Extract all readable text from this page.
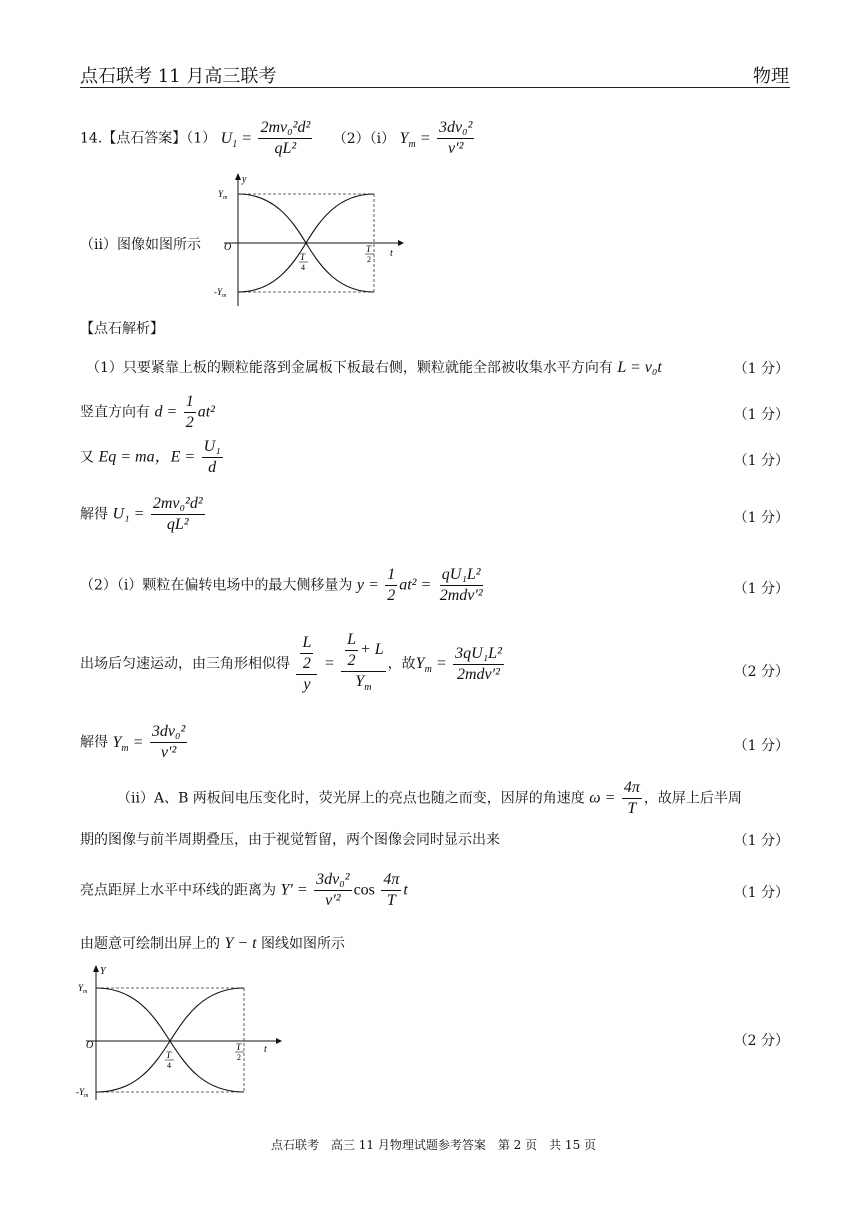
点石联考 11 月高三联考	物理
14.【点石答案】（1） $U_1 = \frac{\text{2mv₀²d²}}{\text{qL²}}$ （2）（ⅰ） $Y_m = \frac{\text{3dv₀²}}{\text{v′²}}$
（ⅱ）图像如图所示
y
t
O
$Y_m$
$-Y_m$
T
4
T
2
【点石解析】
（1）只要紧靠上板的颗粒能落到金属板下板最右侧，颗粒就能全部被收集水平方向有 L = v₀t	（1 分）
竖直方向有 $d = \frac{1}{2} at^2$	（1 分）
又 Eq = ma，$E = \frac{\text{U₁}}{d}$	（1 分）
解得 $U_1 = \frac{\text{2mv₀²d²}}{\text{qL²}}$	（1 分）
（2）（ⅰ）颗粒在偏转电场中的最大侧移量为 $y = \frac{1}{2} at^2 = \frac{\text{qU₁L²}}{\text{2mdv′²}}$	（1 分）
出场后匀速运动，由三角形相似得 $\frac{\frac{L}{2}}{y} = \frac{\frac{L}{2} + L}{Y_m}$ ，故$Y_m = \frac{\text{3qU₁L²}}{\text{2mdv′²}}$	（2 分）
解得 $Y_m = \frac{\text{3dv₀²}}{\text{v′²}}$	（1 分）
（ⅱ）A、B 两板间电压变化时，荧光屏上的亮点也随之而变，因屏的角速度 $\omega = \frac{4\pi}{T}$ ，故屏上后半周
期的图像与前半周期叠压，由于视觉暂留，两个图像会同时显示出来	（1 分）
亮点距屏上水平中环线的距离为 $Y' = \frac{\text{3dv₀²}}{\text{v′²}}$ $\cos \frac{4\pi}{T}$ t	（1 分）
由题意可绘制出屏上的 Y − t 图线如图所示
Y
t
O
$Y_m$
$-Y_m$
T
4
T
2
（2 分）
点石联考　高三 11 月物理试题参考答案　第 2 页　共 15 页
